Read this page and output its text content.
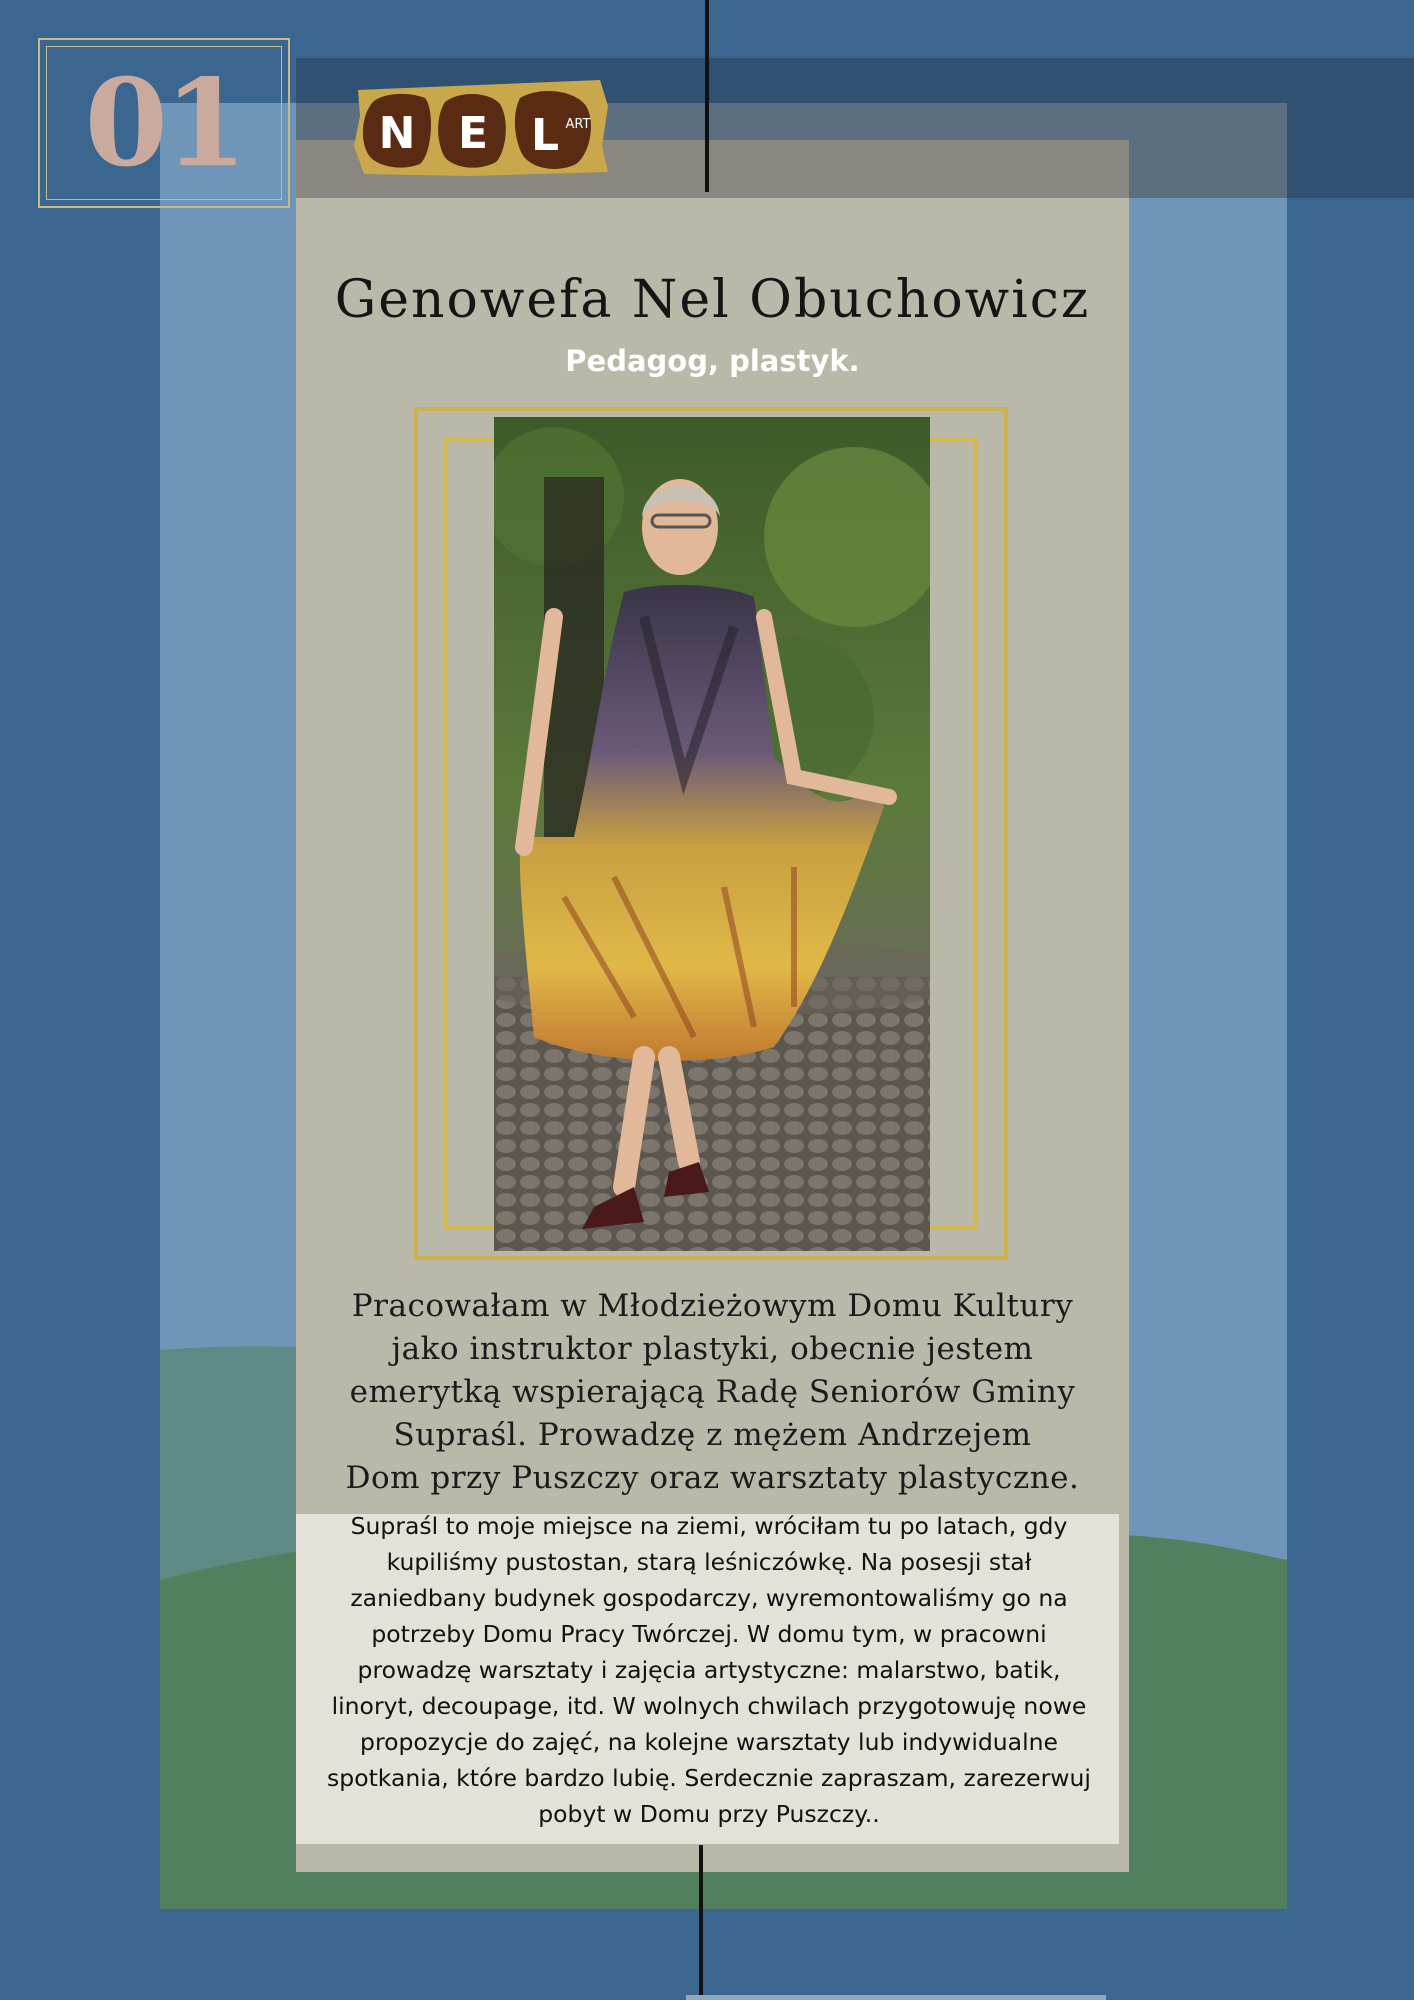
01	N E L ART
Genowefa Nel Obuchowicz
Pedagog, plastyk.
Pracowałam w Młodzieżowym Domu Kultury
jako instruktor plastyki, obecnie jestem
emerytką wspierającą Radę Seniorów Gminy
Supraśl. Prowadzę z mężem Andrzejem
Dom przy Puszczy oraz warsztaty plastyczne.
Supraśl to moje miejsce na ziemi, wróciłam tu po latach, gdy
kupiliśmy pustostan, starą leśniczówkę. Na posesji stał
zaniedbany budynek gospodarczy, wyremontowaliśmy go na
potrzeby Domu Pracy Twórczej. W domu tym, w pracowni
prowadzę warsztaty i zajęcia artystyczne: malarstwo, batik,
linoryt, decoupage, itd. W wolnych chwilach przygotowuję nowe
propozycje do zajęć, na kolejne warsztaty lub indywidualne
spotkania, które bardzo lubię. Serdecznie zapraszam, zarezerwuj
pobyt w Domu przy Puszczy..
